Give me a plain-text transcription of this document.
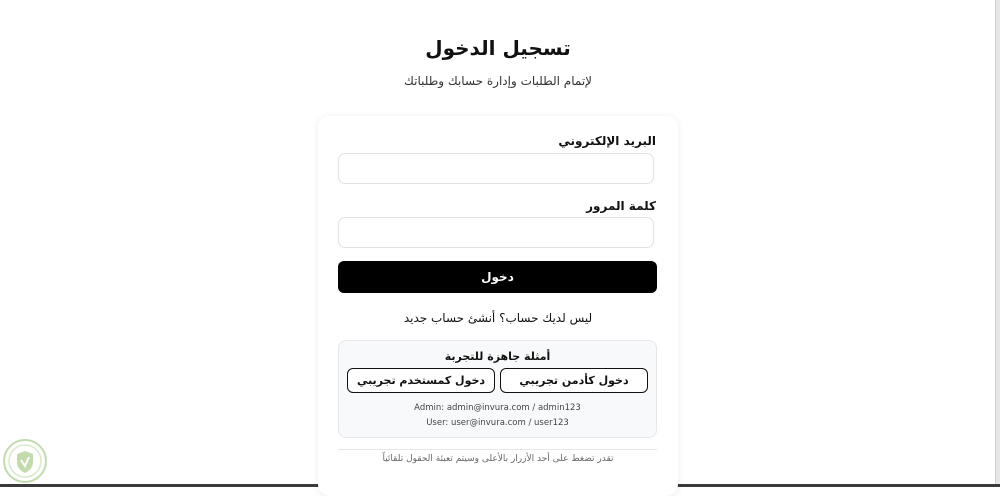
تسجيل الدخول

لإتمام الطلبات وإدارة حسابك وطلباتك

البريد الإلكتروني
كلمة المرور
دخول
ليس لديك حساب؟ أنشئ حساب جديد
أمثلة جاهزة للتجربة
دخول كأدمن تجريبي
دخول كمستخدم تجريبي
Admin: admin@invura.com / admin123
User: user@invura.com / user123
تقدر تضغط على أحد الأزرار بالأعلى وسيتم تعبئة الحقول تلقائياً
